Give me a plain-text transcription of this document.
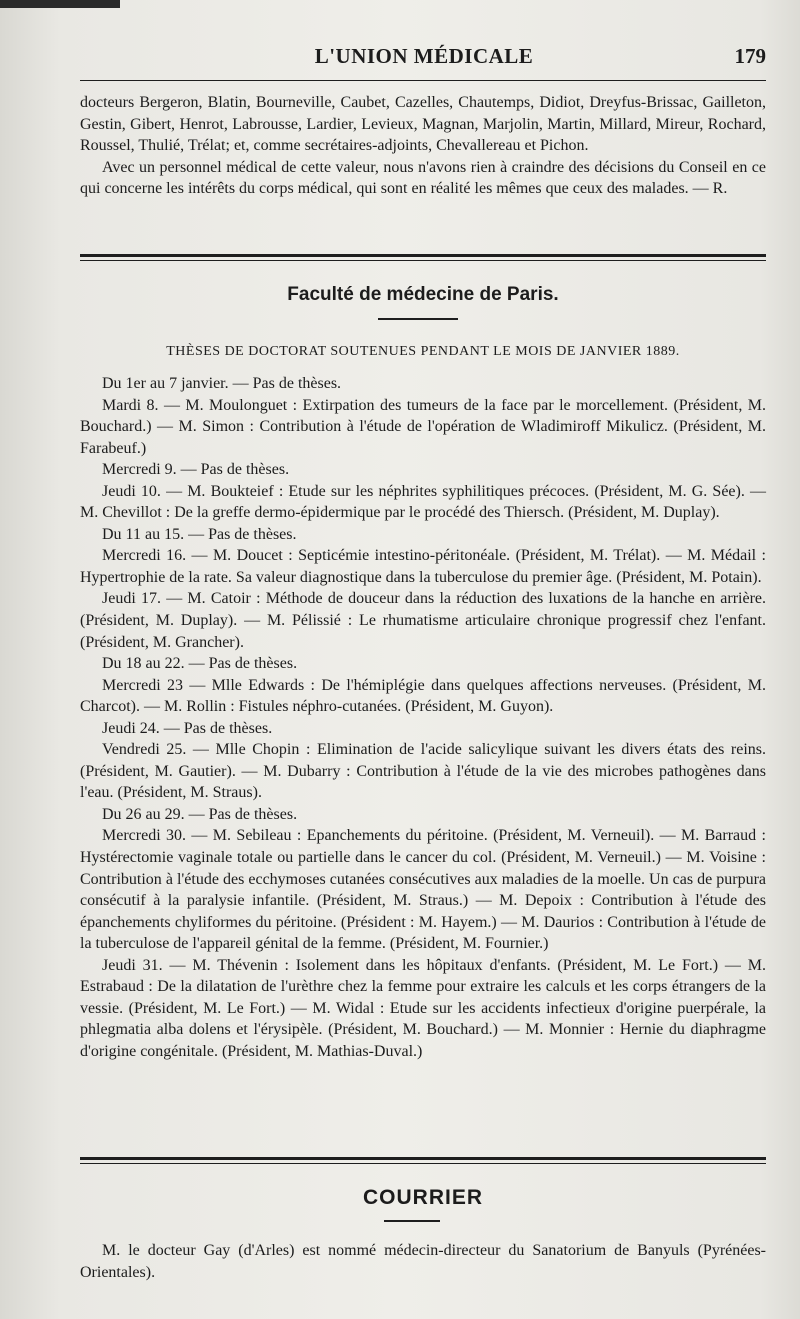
L'UNION MÉDICALE	179

docteurs Bergeron, Blatin, Bourneville, Caubet, Cazelles, Chautemps, Didiot, Dreyfus-Brissac, Gailleton, Gestin, Gibert, Henrot, Labrousse, Lardier, Levieux, Magnan, Marjolin, Martin, Millard, Mireur, Rochard, Roussel, Thulié, Trélat; et, comme secrétaires-adjoints, Chevallereau et Pichon.

Avec un personnel médical de cette valeur, nous n'avons rien à craindre des décisions du Conseil en ce qui concerne les intérêts du corps médical, qui sont en réalité les mêmes que ceux des malades. — R.

Faculté de médecine de Paris.
THÈSES DE DOCTORAT SOUTENUES PENDANT LE MOIS DE JANVIER 1889.

Du 1er au 7 janvier. — Pas de thèses.

Mardi 8. — M. Moulonguet : Extirpation des tumeurs de la face par le morcellement. (Président, M. Bouchard.) — M. Simon : Contribution à l'étude de l'opération de Wladimiroff Mikulicz. (Président, M. Farabeuf.)

Mercredi 9. — Pas de thèses.

Jeudi 10. — M. Boukteief : Etude sur les néphrites syphilitiques précoces. (Président, M. G. Sée). — M. Chevillot : De la greffe dermo-épidermique par le procédé des Thiersch. (Président, M. Duplay).

Du 11 au 15. — Pas de thèses.

Mercredi 16. — M. Doucet : Septicémie intestino-péritonéale. (Président, M. Trélat). — M. Médail : Hypertrophie de la rate. Sa valeur diagnostique dans la tuberculose du premier âge. (Président, M. Potain).

Jeudi 17. — M. Catoir : Méthode de douceur dans la réduction des luxations de la hanche en arrière. (Président, M. Duplay). — M. Pélissié : Le rhumatisme articulaire chronique progressif chez l'enfant. (Président, M. Grancher).

Du 18 au 22. — Pas de thèses.

Mercredi 23 — Mlle Edwards : De l'hémiplégie dans quelques affections nerveuses. (Président, M. Charcot). — M. Rollin : Fistules néphro-cutanées. (Président, M. Guyon).

Jeudi 24. — Pas de thèses.

Vendredi 25. — Mlle Chopin : Elimination de l'acide salicylique suivant les divers états des reins. (Président, M. Gautier). — M. Dubarry : Contribution à l'étude de la vie des microbes pathogènes dans l'eau. (Président, M. Straus).

Du 26 au 29. — Pas de thèses.

Mercredi 30. — M. Sebileau : Epanchements du péritoine. (Président, M. Verneuil). — M. Barraud : Hystérectomie vaginale totale ou partielle dans le cancer du col. (Président, M. Verneuil.) — M. Voisine : Contribution à l'étude des ecchymoses cutanées consécutives aux maladies de la moelle. Un cas de purpura consécutif à la paralysie infantile. (Président, M. Straus.) — M. Depoix : Contribution à l'étude des épanchements chyliformes du péritoine. (Président : M. Hayem.) — M. Daurios : Contribution à l'étude de la tuberculose de l'appareil génital de la femme. (Président, M. Fournier.)

Jeudi 31. — M. Thévenin : Isolement dans les hôpitaux d'enfants. (Président, M. Le Fort.) — M. Estrabaud : De la dilatation de l'urèthre chez la femme pour extraire les calculs et les corps étrangers de la vessie. (Président, M. Le Fort.) — M. Widal : Etude sur les accidents infectieux d'origine puerpérale, la phlegmatia alba dolens et l'érysipèle. (Président, M. Bouchard.) — M. Monnier : Hernie du diaphragme d'origine congénitale. (Président, M. Mathias-Duval.)

COURRIER

M. le docteur Gay (d'Arles) est nommé médecin-directeur du Sanatorium de Banyuls (Pyrénées-Orientales).
